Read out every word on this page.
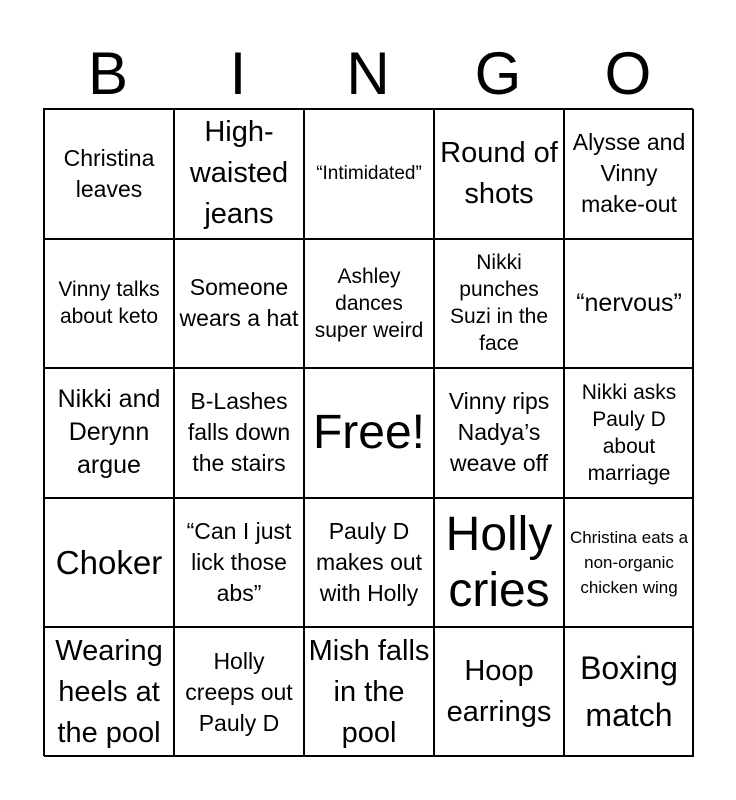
B	I	N	G	O
Christina leaves
High-waisted jeans
“Intimidated”
Round of shots
Alysse and Vinny make-out
Vinny talks about keto
Someone wears a hat
Ashley dances super weird
Nikki punches Suzi in the face
“nervous”
Nikki and Derynn argue
B-Lashes falls down the stairs
Free!
Vinny rips Nadya’s weave off
Nikki asks Pauly D about marriage
Choker
“Can I just lick those abs”
Pauly D makes out with Holly
Holly cries
Christina eats a non-organic chicken wing
Wearing heels at the pool
Holly creeps out Pauly D
Mish falls in the pool
Hoop earrings
Boxing match
